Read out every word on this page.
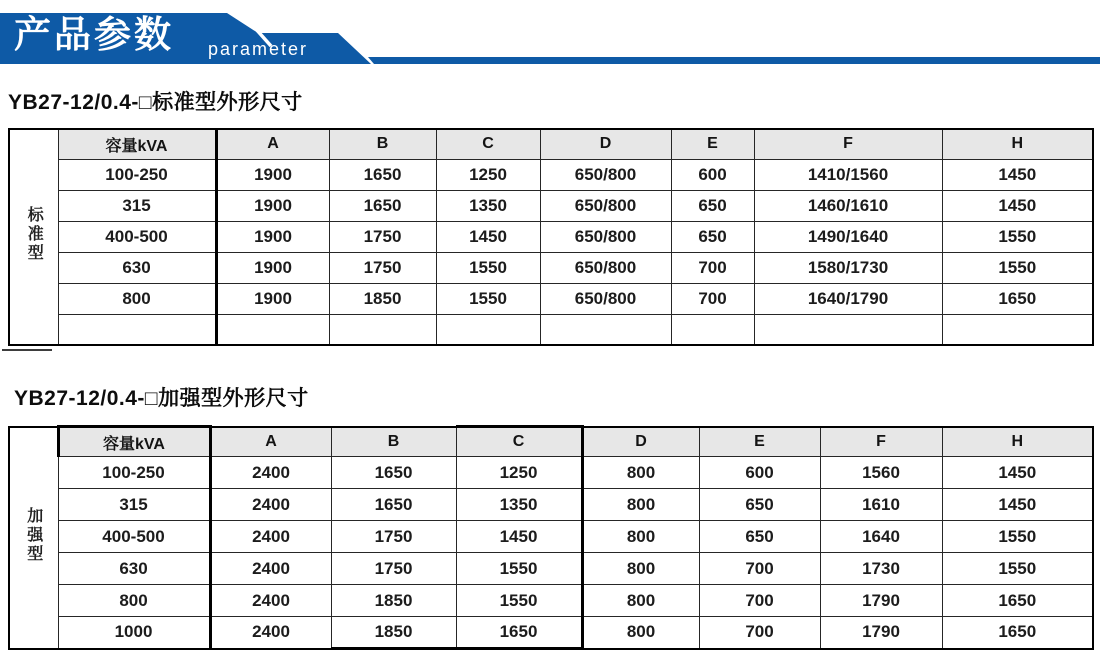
产品参数 parameter
YB27-12/0.4-□标准型外形尺寸
标准型	容量kVA	A	B	C	D	E	F	H
	100-250	1900	1650	1250	650/800	600	1410/1560	1450
	315	1900	1650	1350	650/800	650	1460/1610	1450
	400-500	1900	1750	1450	650/800	650	1490/1640	1550
	630	1900	1750	1550	650/800	700	1580/1730	1550
	800	1900	1850	1550	650/800	700	1640/1790	1650

YB27-12/0.4-□加强型外形尺寸
加强型	容量kVA	A	B	C	D	E	F	H
	100-250	2400	1650	1250	800	600	1560	1450
	315	2400	1650	1350	800	650	1610	1450
	400-500	2400	1750	1450	800	650	1640	1550
	630	2400	1750	1550	800	700	1730	1550
	800	2400	1850	1550	800	700	1790	1650
	1000	2400	1850	1650	800	700	1790	1650
